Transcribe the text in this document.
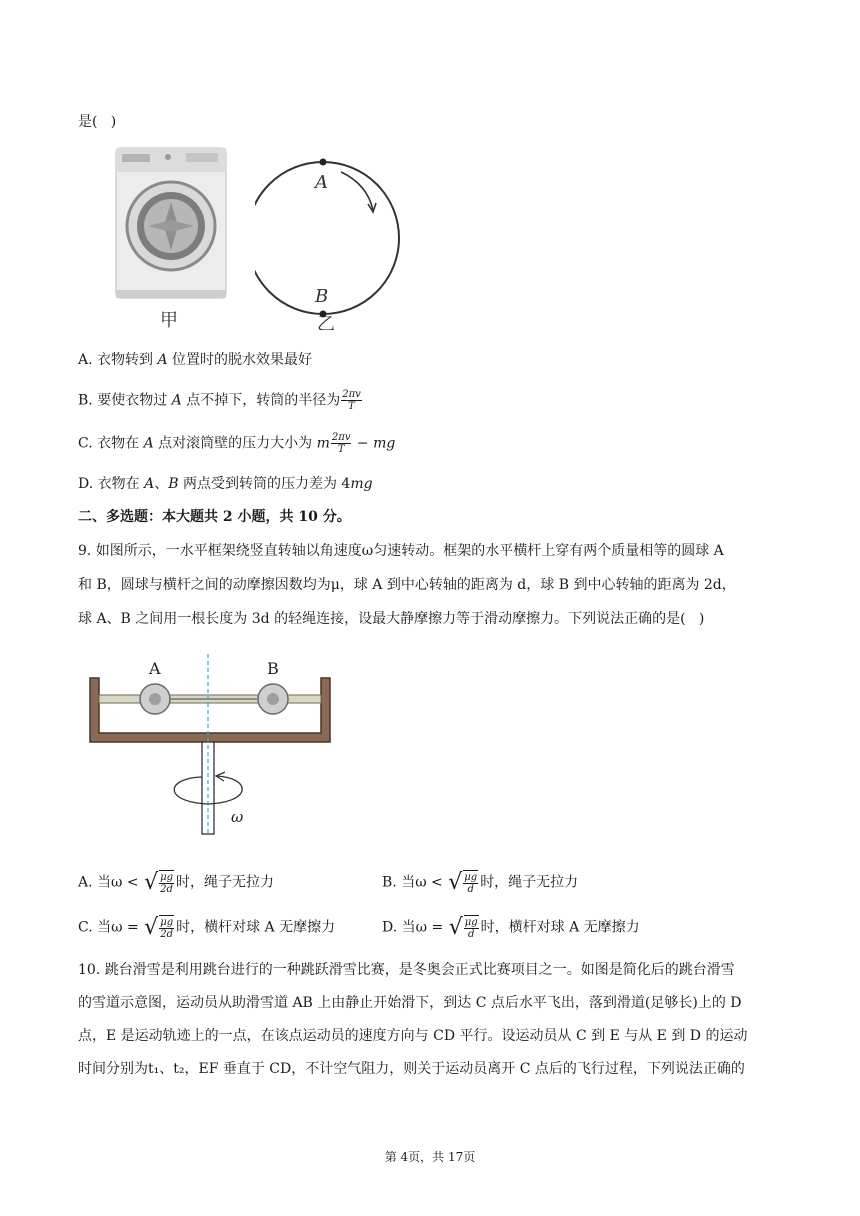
是(   )
甲
A
B
乙
A. 衣物转到 A 位置时的脱水效果最好
B. 要使衣物过 A 点不掉下，转筒的半径为 $\frac{2\pi v}{T}$
C. 衣物在 A 点对滚筒壁的压力大小为 m $\frac{2\pi v}{T}$ − mg
D. 衣物在 A、B 两点受到转筒的压力差为 4mg
二、多选题：本大题共 2 小题，共 10 分。
9. 如图所示，一水平框架绕竖直转轴以角速度ω匀速转动。框架的水平横杆上穿有两个质量相等的圆球 A
和 B，圆球与横杆之间的动摩擦因数均为μ，球 A 到中心转轴的距离为 d，球 B 到中心转轴的距离为 2d，
球 A、B 之间用一根长度为 3d 的轻绳连接，设最大静摩擦力等于滑动摩擦力。下列说法正确的是(   )
A	B
ω
A. 当ω < √ $\frac{\mu g}{2d}$ 时，绳子无拉力	B. 当ω < √ $\frac{\mu g}{d}$ 时，绳子无拉力
C. 当ω = √ $\frac{\mu g}{2d}$ 时，横杆对球 A 无摩擦力	D. 当ω = √ $\frac{\mu g}{d}$ 时，横杆对球 A 无摩擦力
10. 跳台滑雪是利用跳台进行的一种跳跃滑雪比赛，是冬奥会正式比赛项目之一。如图是简化后的跳台滑雪
的雪道示意图，运动员从助滑雪道 AB 上由静止开始滑下，到达 C 点后水平飞出，落到滑道(足够长)上的 D
点，E 是运动轨迹上的一点，在该点运动员的速度方向与 CD 平行。设运动员从 C 到 E 与从 E 到 D 的运动
时间分别为t₁、t₂，EF 垂直于 CD，不计空气阻力，则关于运动员离开 C 点后的飞行过程，下列说法正确的
第 4页，共 17页
